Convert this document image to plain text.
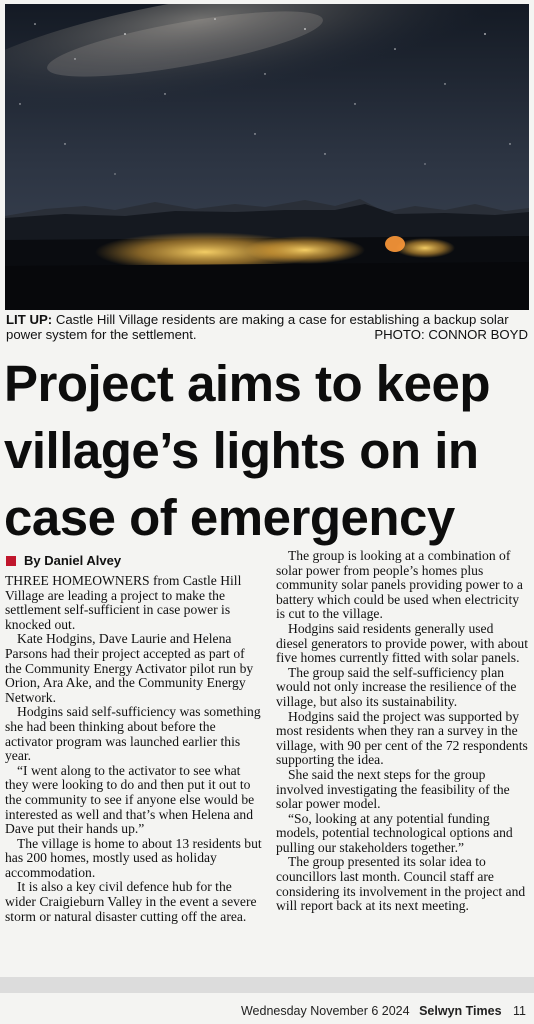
LIT UP: Castle Hill Village residents are making a case for establishing a backup solar power system for the settlement.	PHOTO: CONNOR BOYD
Project aims to keep village’s lights on in case of emergency
By Daniel Alvey

THREE HOMEOWNERS from Castle Hill Village are leading a project to make the settlement self-sufficient in case power is knocked out.

Kate Hodgins, Dave Laurie and Helena Parsons had their project accepted as part of the Community Energy Activator pilot run by Orion, Ara Ake, and the Community Energy Network.

Hodgins said self-sufficiency was something she had been thinking about before the activator program was launched earlier this year.

“I went along to the activator to see what they were looking to do and then put it out to the community to see if anyone else would be interested as well and that’s when Helena and Dave put their hands up.”

The village is home to about 13 residents but has 200 homes, mostly used as holiday accommodation.

It is also a key civil defence hub for the wider Craigieburn Valley in the event a severe storm or natural disaster cutting off the area.

The group is looking at a combination of solar power from people’s homes plus community solar panels providing power to a battery which could be used when electricity is cut to the village.

Hodgins said residents generally used diesel generators to provide power, with about five homes currently fitted with solar panels.

The group said the self-sufficiency plan would not only increase the resilience of the village, but also its sustainability.

Hodgins said the project was supported by most residents when they ran a survey in the village, with 90 per cent of the 72 respondents supporting the idea.

She said the next steps for the group involved investigating the feasibility of the solar power model.

“So, looking at any potential funding models, potential technological options and pulling our stakeholders together.”

The group presented its solar idea to councillors last month. Council staff are considering its involvement in the project and will report back at its next meeting.

Wednesday November 6 2024 Selwyn Times 11
